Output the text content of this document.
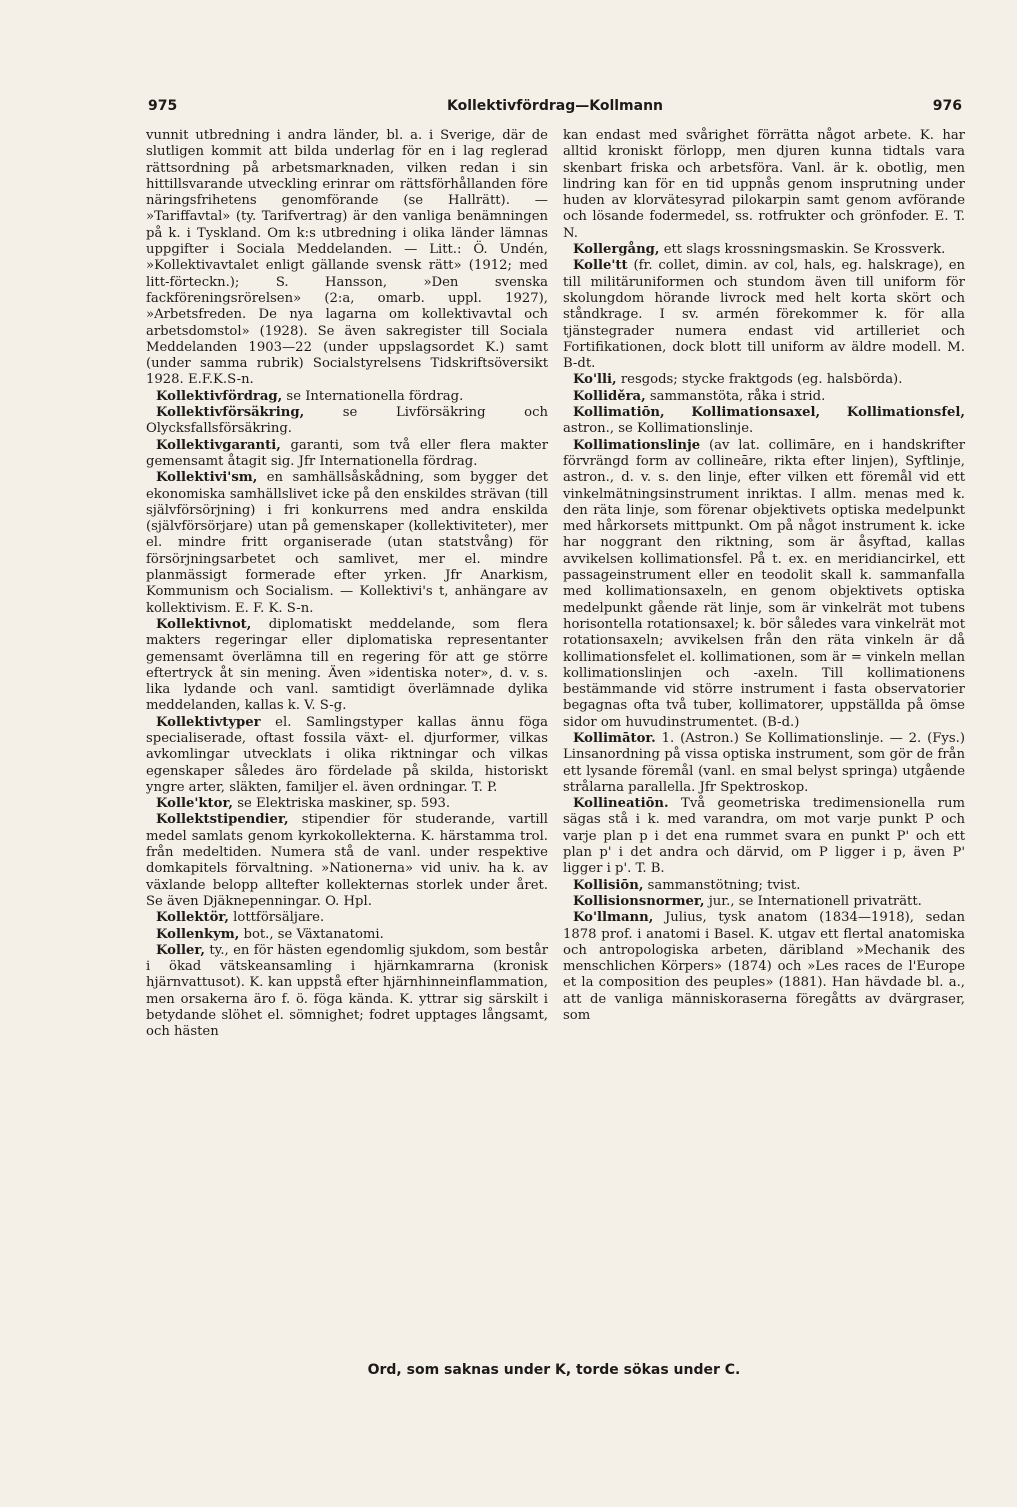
975	Kollektivfördrag—Kollmann	976

vunnit utbredning i andra länder, bl. a. i Sverige, där de slutligen kommit att bilda underlag för en i lag reglerad rättsordning på arbetsmarknaden, vilken redan i sin hittillsvarande utveckling erinrar om rättsförhållanden före näringsfrihetens genomförande (se Hallrätt). — »Tariffavtal» (ty. Tarifvertrag) är den vanliga benämningen på k. i Tyskland. Om k:s utbredning i olika länder lämnas uppgifter i Sociala Meddelanden. — Litt.: Ö. Undén, »Kollektivavtalet enligt gällande svensk rätt» (1912; med litt-förteckn.); S. Hansson, »Den svenska fackföreningsrörelsen» (2:a, omarb. uppl. 1927), »Arbetsfreden. De nya lagarna om kollektivavtal och arbetsdomstol» (1928). Se även sakregister till Sociala Meddelanden 1903—22 (under uppslagsordet K.) samt (under samma rubrik) Socialstyrelsens Tidskriftsöversikt 1928. E.F.K.S-n.

Kollektivfördrag, se Internationella fördrag.

Kollektivförsäkring, se Livförsäkring och Olycksfallsförsäkring.

Kollektivgaranti, garanti, som två eller flera makter gemensamt åtagit sig. Jfr Internationella fördrag.

Kollektivi'sm, en samhällsåskådning, som bygger det ekonomiska samhällslivet icke på den enskildes strävan (till självförsörjning) i fri konkurrens med andra enskilda (självförsörjare) utan på gemenskaper (kollektiviteter), mer el. mindre fritt organiserade (utan statstvång) för försörjningsarbetet och samlivet, mer el. mindre planmässigt formerade efter yrken. Jfr Anarkism, Kommunism och Socialism. — Kollektivi's t, anhängare av kollektivism. E. F. K. S-n.

Kollektivnot, diplomatiskt meddelande, som flera makters regeringar eller diplomatiska representanter gemensamt överlämna till en regering för att ge större eftertryck åt sin mening. Även »identiska noter», d. v. s. lika lydande och vanl. samtidigt överlämnade dylika meddelanden, kallas k. V. S-g.

Kollektivtyper el. Samlingstyper kallas ännu föga specialiserade, oftast fossila växt- el. djurformer, vilkas avkomlingar utvecklats i olika riktningar och vilkas egenskaper således äro fördelade på skilda, historiskt yngre arter, släkten, familjer el. även ordningar. T. P.

Kolle'ktor, se Elektriska maskiner, sp. 593.

Kollektstipendier, stipendier för studerande, vartill medel samlats genom kyrkokollekterna. K. härstamma trol. från medeltiden. Numera stå de vanl. under respektive domkapitels förvaltning. »Nationerna» vid univ. ha k. av växlande belopp alltefter kollekternas storlek under året. Se även Djäknepenningar. O. Hpl.

Kollektör, lottförsäljare.

Kollenkym, bot., se Växtanatomi.

Koller, ty., en för hästen egendomlig sjukdom, som består i ökad vätskeansamling i hjärnkamrarna (kronisk hjärnvattusot). K. kan uppstå efter hjärnhinneinflammation, men orsakerna äro f. ö. föga kända. K. yttrar sig särskilt i betydande slöhet el. sömnighet; fodret upptages långsamt, och hästen

kan endast med svårighet förrätta något arbete. K. har alltid kroniskt förlopp, men djuren kunna tidtals vara skenbart friska och arbetsföra. Vanl. är k. obotlig, men lindring kan för en tid uppnås genom insprutning under huden av klorvätesyrad pilokarpin samt genom avförande och lösande fodermedel, ss. rotfrukter och grönfoder. E. T. N.

Kollergång, ett slags krossningsmaskin. Se Krossverk.

Kolle'tt (fr. collet, dimin. av col, hals, eg. halskrage), en till militäruniformen och stundom även till uniform för skolungdom hörande livrock med helt korta skört och ståndkrage. I sv. armén förekommer k. för alla tjänstegrader numera endast vid artilleriet och Fortifikationen, dock blott till uniform av äldre modell. M. B-dt.

Ko'lli, resgods; stycke fraktgods (eg. halsbörda).

Kolliděra, sammanstöta, råka i strid.

Kollimatiōn, Kollimationsaxel, Kollimationsfel, astron., se Kollimationslinje.

Kollimationslinje (av lat. collimāre, en i handskrifter förvrängd form av collineāre, rikta efter linjen), Syftlinje, astron., d. v. s. den linje, efter vilken ett föremål vid ett vinkelmätningsinstrument inriktas. I allm. menas med k. den räta linje, som förenar objektivets optiska medelpunkt med hårkorsets mittpunkt. Om på något instrument k. icke har noggrant den riktning, som är åsyftad, kallas avvikelsen kollimationsfel. På t. ex. en meridiancirkel, ett passageinstrument eller en teodolit skall k. sammanfalla med kollimationsaxeln, en genom objektivets optiska medelpunkt gående rät linje, som är vinkelrät mot tubens horisontella rotationsaxel; k. bör således vara vinkelrät mot rotationsaxeln; avvikelsen från den räta vinkeln är då kollimationsfelet el. kollimationen, som är = vinkeln mellan kollimationslinjen och -axeln. Till kollimationens bestämmande vid större instrument i fasta observatorier begagnas ofta två tuber, kollimatorer, uppställda på ömse sidor om huvudinstrumentet. (B-d.)

Kollimātor. 1. (Astron.) Se Kollimationslinje. — 2. (Fys.) Linsanordning på vissa optiska instrument, som gör de från ett lysande föremål (vanl. en smal belyst springa) utgående strålarna parallella. Jfr Spektroskop.

Kollineatiōn. Två geometriska tredimensionella rum sägas stå i k. med varandra, om mot varje punkt P och varje plan p i det ena rummet svara en punkt P' och ett plan p' i det andra och därvid, om P ligger i p, även P' ligger i p'. T. B.

Kollisiōn, sammanstötning; tvist.

Kollisionsnormer, jur., se Internationell privaträtt.

Ko'llmann, Julius, tysk anatom (1834—1918), sedan 1878 prof. i anatomi i Basel. K. utgav ett flertal anatomiska och antropologiska arbeten, däribland »Mechanik des menschlichen Körpers» (1874) och »Les races de l'Europe et la composition des peuples» (1881). Han hävdade bl. a., att de vanliga människoraserna föregåtts av dvärgraser, som

Ord, som saknas under K, torde sökas under C.
